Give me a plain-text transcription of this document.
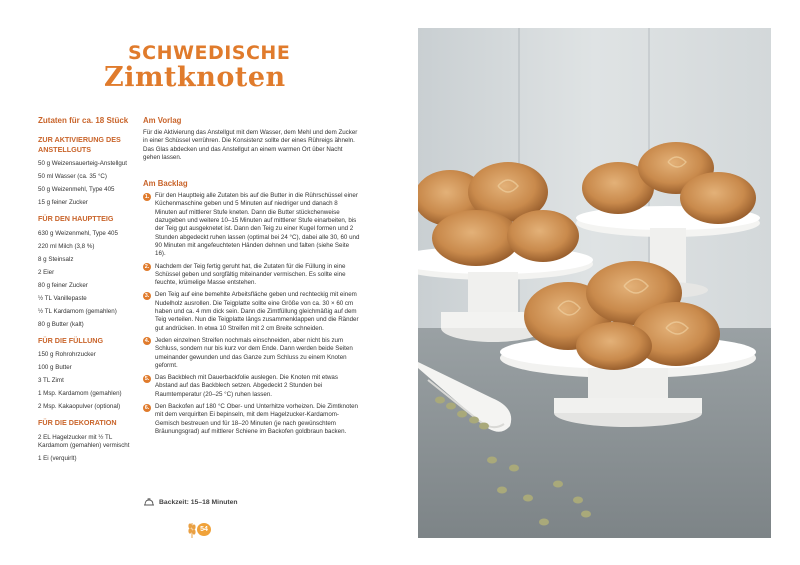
SCHWEDISCHE
Zimtknoten
Zutaten für ca. 18 Stück
ZUR AKTIVIERUNG DES ANSTELLGUTS
50 g Weizensauerteig-Anstellgut
50 ml Wasser (ca. 35 °C)
50 g Weizenmehl, Type 405
15 g feiner Zucker
FÜR DEN HAUPTTEIG
630 g Weizenmehl, Type 405
220 ml Milch (3,8 %)
8 g Steinsalz
2 Eier
80 g feiner Zucker
½ TL Vanillepaste
½ TL Kardamom (gemahlen)
80 g Butter (kalt)
FÜR DIE FÜLLUNG
150 g Rohrohrzucker
100 g Butter
3 TL Zimt
1 Msp. Kardamom (gemahlen)
2 Msp. Kakaopulver (optional)
FÜR DIE DEKORATION
2 EL Hagelzucker mit ½ TL Kardamom (gemahlen) vermischt
1 Ei (verquirlt)
Am Vorlag
Für die Aktivierung das Anstellgut mit dem Wasser, dem Mehl und dem Zucker in einer Schüssel verrühren. Die Konsistenz sollte der eines Rühreigs ähneln. Das Glas abdecken und das Anstellgut an einem warmen Ort über Nacht gehen lassen.
Am Backlag
1. Für den Hauptteig alle Zutaten bis auf die Butter in die Rührschüssel einer Küchenmaschine geben und 5 Minuten auf niedriger und danach 8 Minuten auf mittlerer Stufe kneten. Dann die Butter stückchenweise dazugeben und weitere 10–15 Minuten auf mittlerer Stufe einarbeiten, bis der Teig gut ausgeknetet ist. Dann den Teig zu einer Kugel formen und 2 Stunden abgedeckt ruhen lassen (optimal bei 24 °C), dabei alle 30, 60 und 90 Minuten mit angefeuchteten Händen dehnen und falten (siehe Seite 16).
2. Nachdem der Teig fertig geruht hat, die Zutaten für die Füllung in eine Schüssel geben und sorgfältig miteinander vermischen. Es sollte eine feuchte, krümelige Masse entstehen.
3. Den Teig auf eine bemehlte Arbeitsfläche geben und rechteckig mit einem Nudelholz ausrollen. Die Teigplatte sollte eine Größe von ca. 30 × 60 cm haben und ca. 4 mm dick sein. Dann die Zimtfüllung gleichmäßig auf dem Teig verteilen. Nun die Teigplatte längs zusammenklappen und die Ränder gut andrücken. In etwa 10 Streifen mit 2 cm Breite schneiden.
4. Jeden einzelnen Streifen nochmals einschneiden, aber nicht bis zum Schluss, sondern nur bis kurz vor dem Ende. Dann werden beide Seiten umeinander gewunden und das Ganze zum Schluss zu einem Knoten geformt.
5. Das Backblech mit Dauerbackfolie auslegen. Die Knoten mit etwas Abstand auf das Backblech setzen. Abgedeckt 2 Stunden bei Raumtemperatur (20–25 °C) ruhen lassen.
6. Den Backofen auf 180 °C Ober- und Unterhitze vorheizen. Die Zimtknoten mit dem verquirlten Ei bepinseln, mit dem Hagelzucker-Kardamom-Gemisch bestreuen und für 18–20 Minuten (je nach gewünschtem Bräunungsgrad) auf mittlerer Schiene im Backofen goldbraun backen.
Backzeit: 15–18 Minuten
54
